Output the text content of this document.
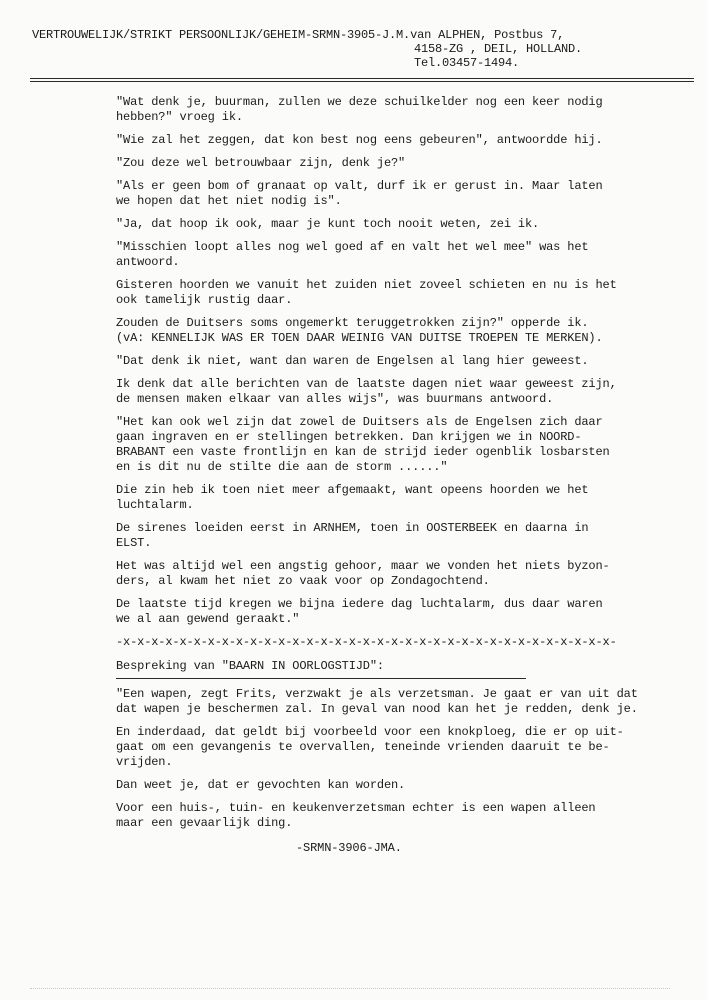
VERTROUWELIJK/STRIKT PERSOONLIJK/GEHEIM-SRMN-3905-J.M.van ALPHEN, Postbus 7,
4158-ZG , DEIL, HOLLAND.
Tel.03457-1494.

"Wat denk je, buurman, zullen we deze schuilkelder nog een keer nodig
hebben?" vroeg ik.

"Wie zal het zeggen, dat kon best nog eens gebeuren", antwoordde hij.

"Zou deze wel betrouwbaar zijn, denk je?"

"Als er geen bom of granaat op valt, durf ik er gerust in. Maar laten
we hopen dat het niet nodig is".

"Ja, dat hoop ik ook, maar je kunt toch nooit weten, zei ik.

"Misschien loopt alles nog wel goed af en valt het wel mee" was het
antwoord.

Gisteren hoorden we vanuit het zuiden niet zoveel schieten en nu is het
ook tamelijk rustig daar.

Zouden de Duitsers soms ongemerkt teruggetrokken zijn?" opperde ik.
(vA: KENNELIJK WAS ER TOEN DAAR WEINIG VAN DUITSE TROEPEN TE MERKEN).

"Dat denk ik niet, want dan waren de Engelsen al lang hier geweest.

Ik denk dat alle berichten van de laatste dagen niet waar geweest zijn,
de mensen maken elkaar van alles wijs", was buurmans antwoord.

"Het kan ook wel zijn dat zowel de Duitsers als de Engelsen zich daar
gaan ingraven en er stellingen betrekken. Dan krijgen we in NOORD-
BRABANT een vaste frontlijn en kan de strijd ieder ogenblik losbarsten
en is dit nu de stilte die aan de storm ......"

Die zin heb ik toen niet meer afgemaakt, want opeens hoorden we het
luchtalarm.

De sirenes loeiden eerst in ARNHEM, toen in OOSTERBEEK en daarna in
ELST.

Het was altijd wel een angstig gehoor, maar we vonden het niets byzon-
ders, al kwam het niet zo vaak voor op Zondagochtend.

De laatste tijd kregen we bijna iedere dag luchtalarm, dus daar waren
we al aan gewend geraakt."

-x-x-x-x-x-x-x-x-x-x-x-x-x-x-x-x-x-x-x-x-x-x-x-x-x-x-x-x-x-x-x-x-x-x-x-
Bespreking van "BAARN IN OORLOGSTIJD":

"Een wapen, zegt Frits, verzwakt je als verzetsman. Je gaat er van uit dat
dat wapen je beschermen zal. In geval van nood kan het je redden, denk je.

En inderdaad, dat geldt bij voorbeeld voor een knokploeg, die er op uit-
gaat om een gevangenis te overvallen, teneinde vrienden daaruit te be-
vrijden.

Dan weet je, dat er gevochten kan worden.

Voor een huis-, tuin- en keukenverzetsman echter is een wapen alleen
maar een gevaarlijk ding.

-SRMN-3906-JMA.
